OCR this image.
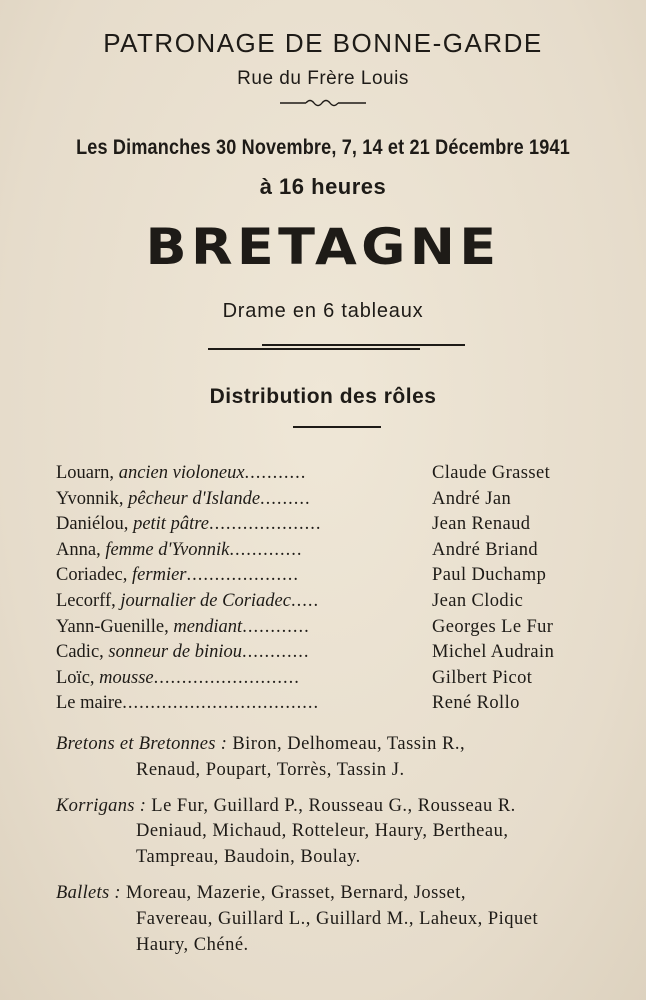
PATRONAGE DE BONNE-GARDE
Rue du Frère Louis
Les Dimanches 30 Novembre, 7, 14 et 21 Décembre 1941
à 16 heures
BRETAGNE
Drame en 6 tableaux
Distribution des rôles
Louarn, ancien violoneux...........	Claude Grasset
Yvonnik, pêcheur d'Islande.........	André Jan
Daniélou, petit pâtre....................	Jean Renaud
Anna, femme d'Yvonnik.............	André Briand
Coriadec, fermier....................	Paul Duchamp
Lecorff, journalier de Coriadec.....	Jean Clodic
Yann-Guenille, mendiant............	Georges Le Fur
Cadic, sonneur de biniou............	Michel Audrain
Loïc, mousse..........................	Gilbert Picot
Le maire...................................	René Rollo
Bretons et Bretonnes : Biron, Delhomeau, Tassin R.,
Renaud, Poupart, Torrès, Tassin J.
Korrigans : Le Fur, Guillard P., Rousseau G., Rousseau R.
Deniaud, Michaud, Rotteleur, Haury, Bertheau,
Tampreau, Baudoin, Boulay.
Ballets : Moreau, Mazerie, Grasset, Bernard, Josset,
Favereau, Guillard L., Guillard M., Laheux, Piquet
Haury, Chéné.
